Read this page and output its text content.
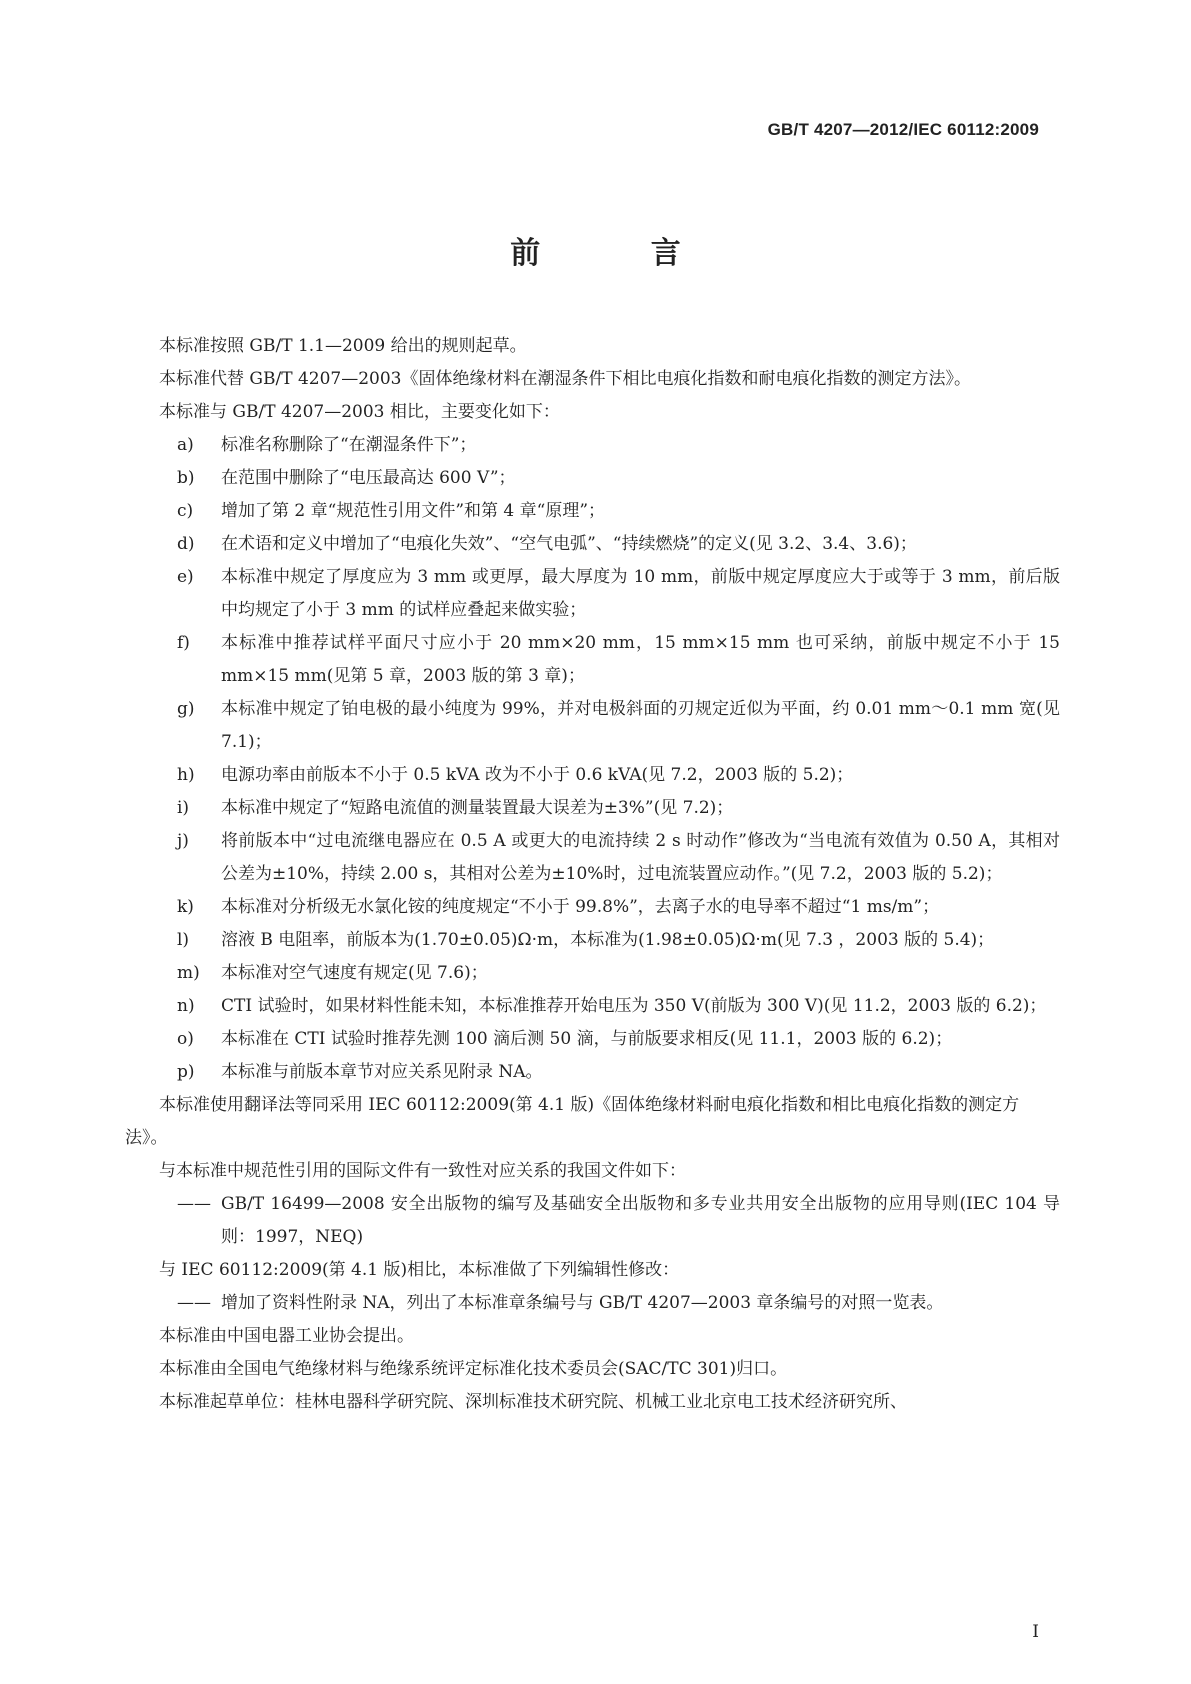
GB/T 4207—2012/IEC 60112:2009
前 言

本标准按照 GB/T 1.1—2009 给出的规则起草。

本标准代替 GB/T 4207—2003《固体绝缘材料在潮湿条件下相比电痕化指数和耐电痕化指数的测定方法》。

本标准与 GB/T 4207—2003 相比，主要变化如下：

a)	标准名称删除了“在潮湿条件下”；
b)	在范围中删除了“电压最高达 600 V”；
c)	增加了第 2 章“规范性引用文件”和第 4 章“原理”；
d)	在术语和定义中增加了“电痕化失效”、“空气电弧”、“持续燃烧”的定义(见 3.2、3.4、3.6)；
e)	本标准中规定了厚度应为 3 mm 或更厚，最大厚度为 10 mm，前版中规定厚度应大于或等于 3 mm，前后版中均规定了小于 3 mm 的试样应叠起来做实验；
f)	本标准中推荐试样平面尺寸应小于 20 mm×20 mm，15 mm×15 mm 也可采纳，前版中规定不小于 15 mm×15 mm(见第 5 章，2003 版的第 3 章)；
g)	本标准中规定了铂电极的最小纯度为 99%，并对电极斜面的刃规定近似为平面，约 0.01 mm～0.1 mm 宽(见 7.1)；
h)	电源功率由前版本不小于 0.5 kVA 改为不小于 0.6 kVA(见 7.2，2003 版的 5.2)；
i)	本标准中规定了“短路电流值的测量装置最大误差为±3%”(见 7.2)；
j)	将前版本中“过电流继电器应在 0.5 A 或更大的电流持续 2 s 时动作”修改为“当电流有效值为 0.50 A，其相对公差为±10%，持续 2.00 s，其相对公差为±10%时，过电流装置应动作。”(见 7.2，2003 版的 5.2)；
k)	本标准对分析级无水氯化铵的纯度规定“不小于 99.8%”，去离子水的电导率不超过“1 ms/m”；
l)	溶液 B 电阻率，前版本为(1.70±0.05)Ω·m，本标准为(1.98±0.05)Ω·m(见 7.3 ，2003 版的 5.4)；
m)	本标准对空气速度有规定(见 7.6)；
n)	CTI 试验时，如果材料性能未知，本标准推荐开始电压为 350 V(前版为 300 V)(见 11.2，2003 版的 6.2)；
o)	本标准在 CTI 试验时推荐先测 100 滴后测 50 滴，与前版要求相反(见 11.1，2003 版的 6.2)；
p)	本标准与前版本章节对应关系见附录 NA。

本标准使用翻译法等同采用 IEC 60112:2009(第 4.1 版)《固体绝缘材料耐电痕化指数和相比电痕化指数的测定方法》。

与本标准中规范性引用的国际文件有一致性对应关系的我国文件如下：

—— GB/T 16499—2008 安全出版物的编写及基础安全出版物和多专业共用安全出版物的应用导则(IEC 104 导则：1997，NEQ)

与 IEC 60112:2009(第 4.1 版)相比，本标准做了下列编辑性修改：

—— 增加了资料性附录 NA，列出了本标准章条编号与 GB/T 4207—2003 章条编号的对照一览表。

本标准由中国电器工业协会提出。

本标准由全国电气绝缘材料与绝缘系统评定标准化技术委员会(SAC/TC 301)归口。

本标准起草单位：桂林电器科学研究院、深圳标准技术研究院、机械工业北京电工技术经济研究所、

I
